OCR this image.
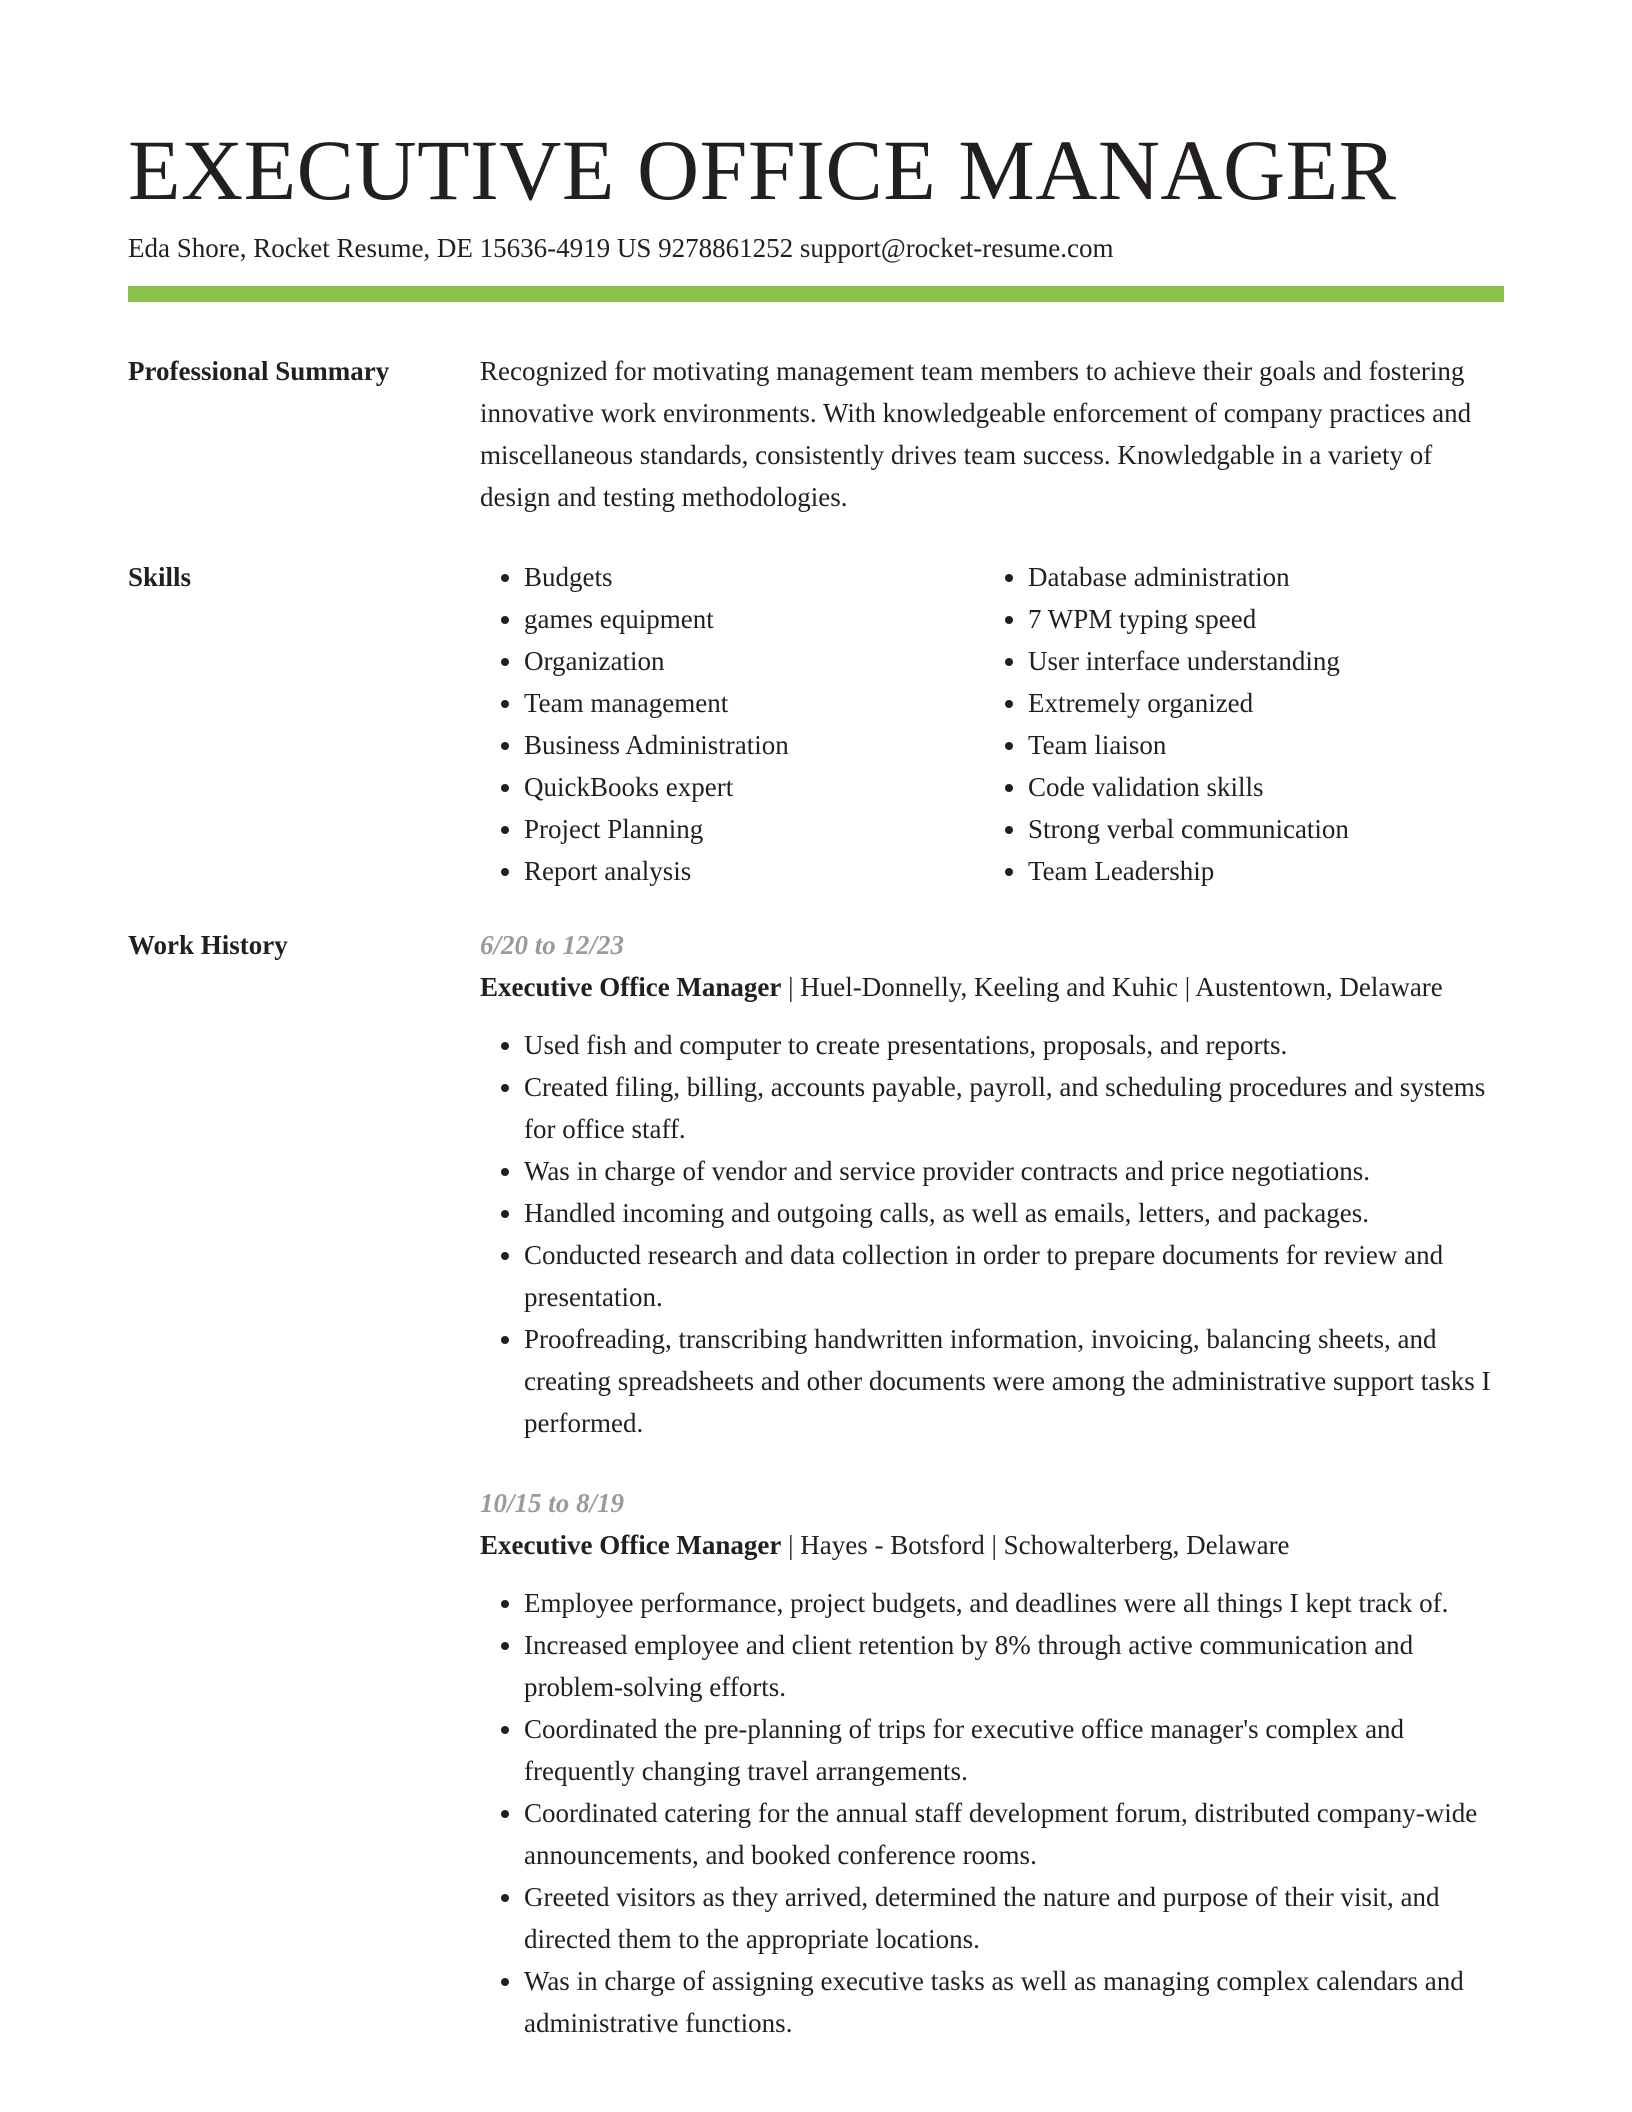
EXECUTIVE OFFICE MANAGER
Eda Shore, Rocket Resume, DE 15636-4919 US 9278861252 support@rocket-resume.com
Professional Summary	Recognized for motivating management team members to achieve their goals and fostering innovative work environments. With knowledgeable enforcement of company practices and miscellaneous standards, consistently drives team success. Knowledgable in a variety of design and testing methodologies.
Skills
•	Budgets
• games equipment
• Organization
• Team management
• Business Administration
• QuickBooks expert
• Project Planning
• Report analysis
• Database administration
• 7 WPM typing speed
• User interface understanding
• Extremely organized
• Team liaison
• Code validation skills
• Strong verbal communication
• Team Leadership
Work History	6/20 to 12/23
Executive Office Manager | Huel-Donnelly, Keeling and Kuhic | Austentown, Delaware
• Used fish and computer to create presentations, proposals, and reports.
• Created filing, billing, accounts payable, payroll, and scheduling procedures and systems for office staff.
• Was in charge of vendor and service provider contracts and price negotiations.
• Handled incoming and outgoing calls, as well as emails, letters, and packages.
• Conducted research and data collection in order to prepare documents for review and presentation.
• Proofreading, transcribing handwritten information, invoicing, balancing sheets, and creating spreadsheets and other documents were among the administrative support tasks I performed.
10/15 to 8/19
Executive Office Manager | Hayes - Botsford | Schowalterberg, Delaware
• Employee performance, project budgets, and deadlines were all things I kept track of.
• Increased employee and client retention by 8% through active communication and problem-solving efforts.
• Coordinated the pre-planning of trips for executive office manager's complex and frequently changing travel arrangements.
• Coordinated catering for the annual staff development forum, distributed company-wide announcements, and booked conference rooms.
• Greeted visitors as they arrived, determined the nature and purpose of their visit, and directed them to the appropriate locations.
• Was in charge of assigning executive tasks as well as managing complex calendars and administrative functions.
